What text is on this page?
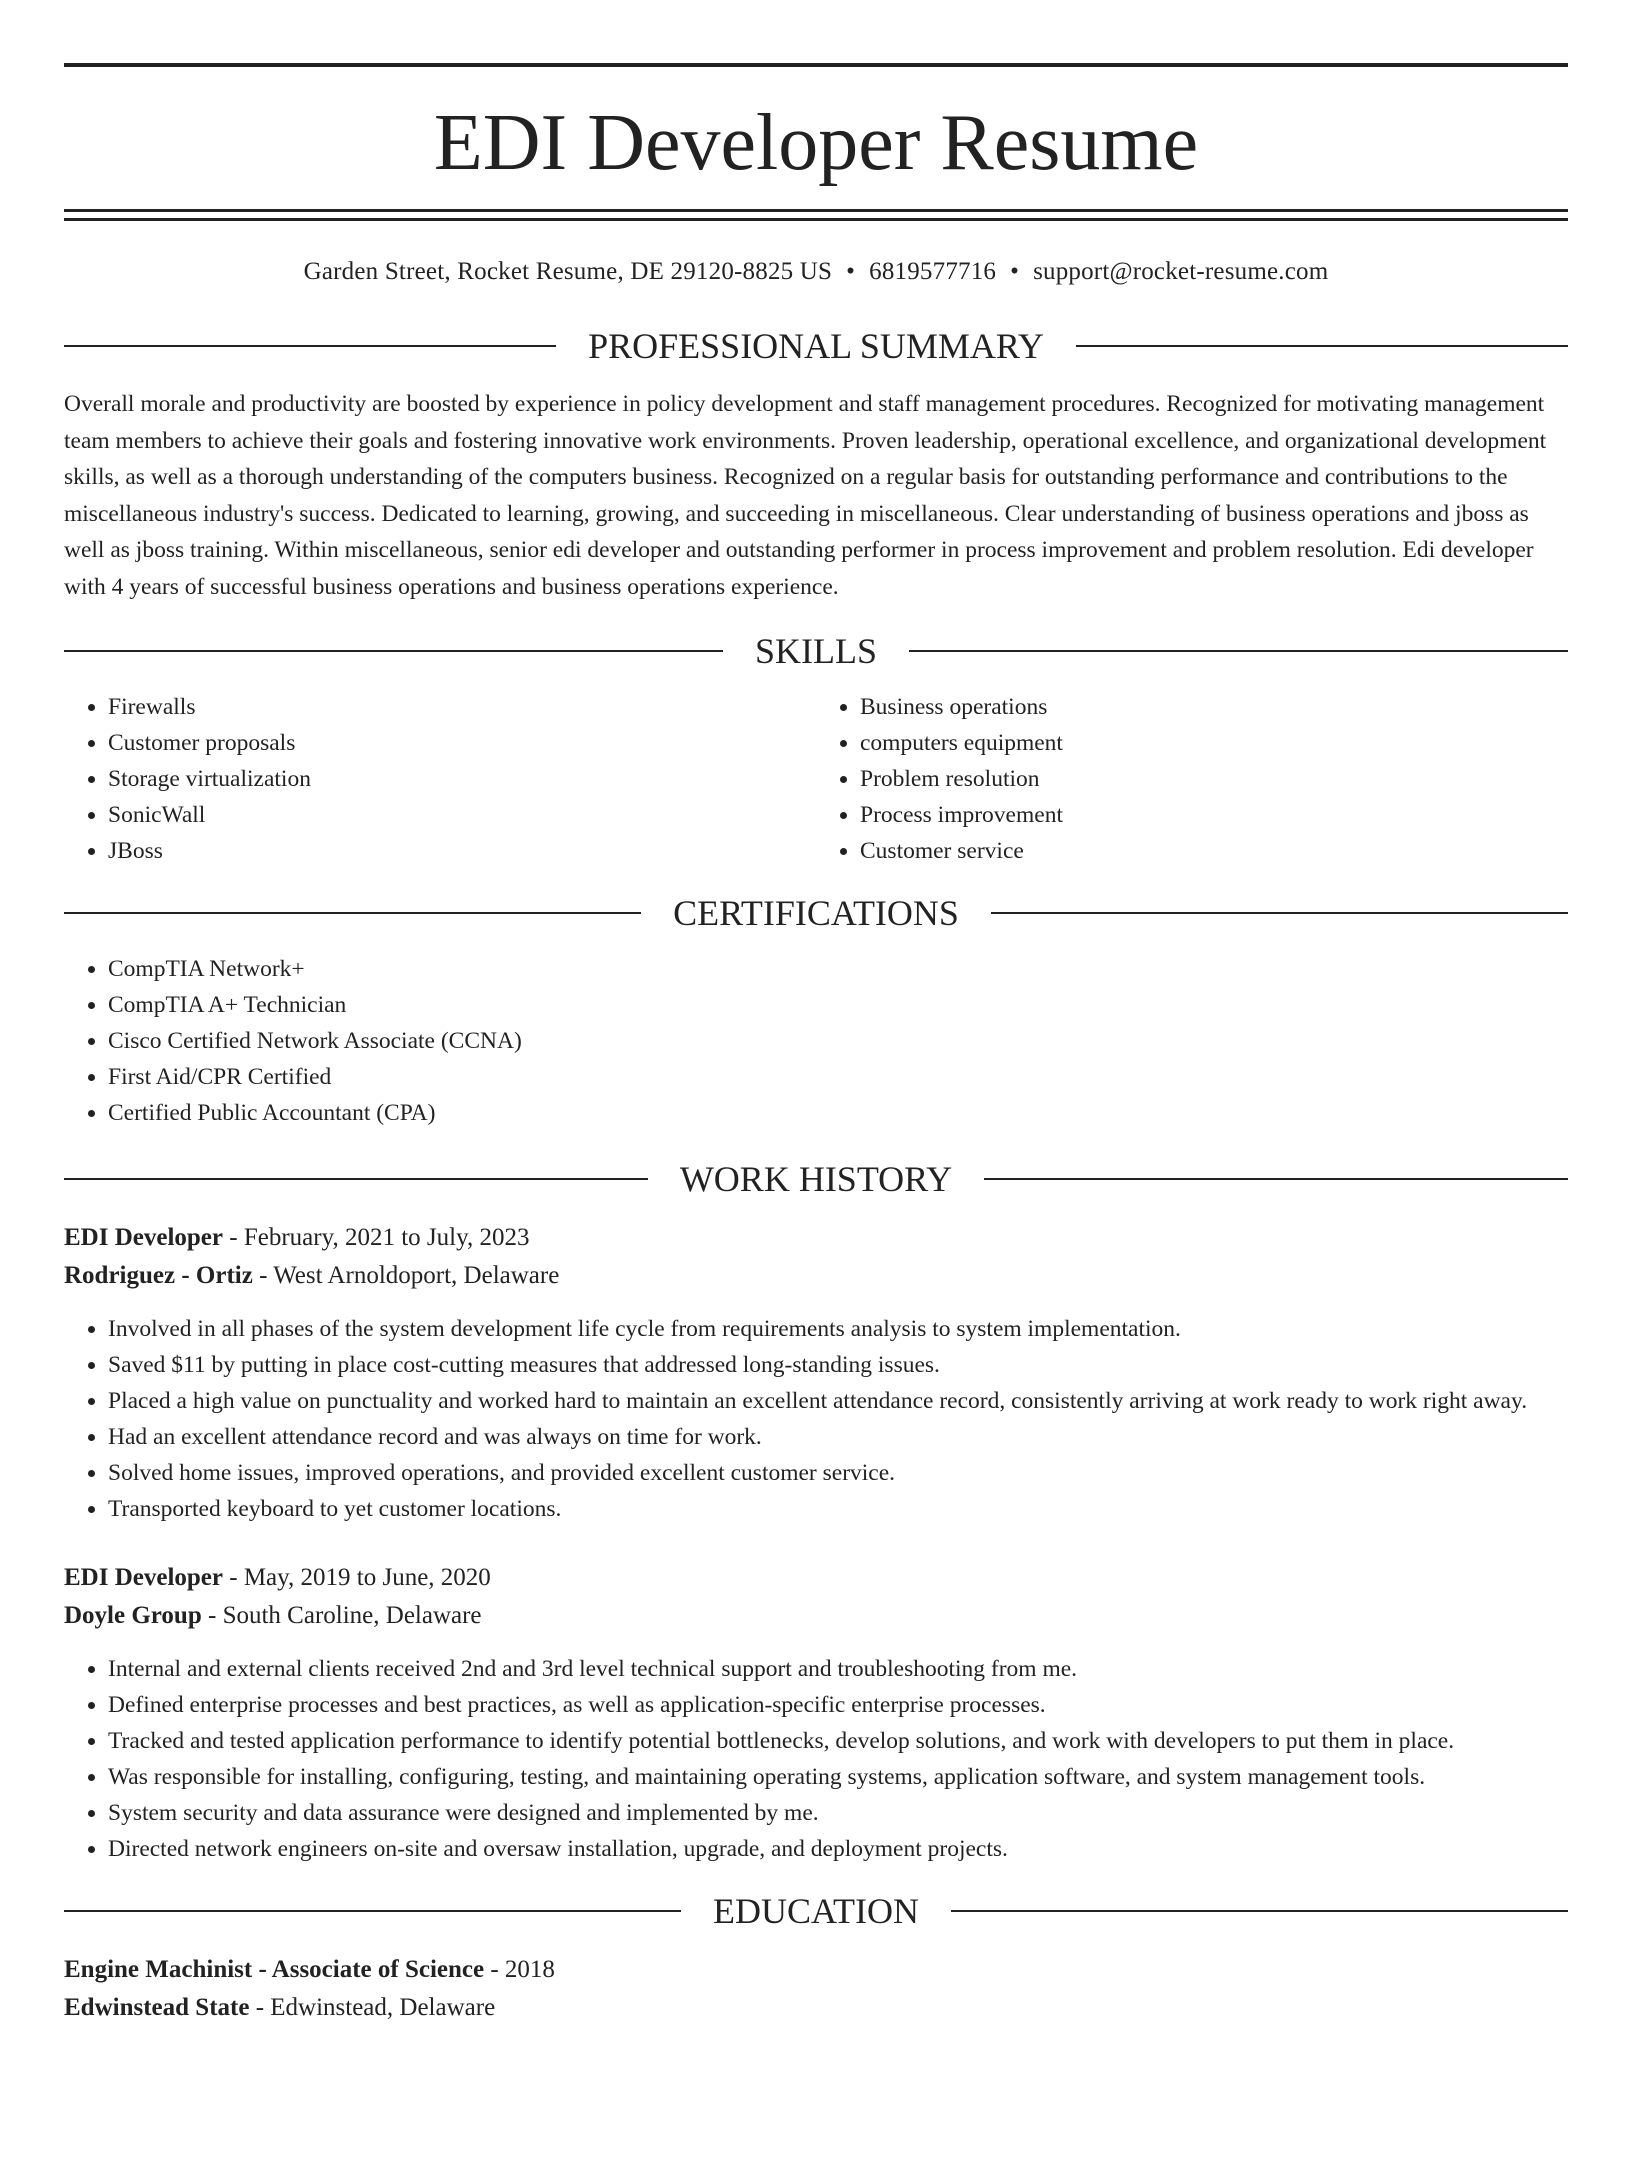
EDI Developer Resume
Garden Street, Rocket Resume, DE 29120-8825 US • 6819577716 • support@rocket-resume.com
PROFESSIONAL SUMMARY

Overall morale and productivity are boosted by experience in policy development and staff management procedures. Recognized for motivating management team members to achieve their goals and fostering innovative work environments. Proven leadership, operational excellence, and organizational development skills, as well as a thorough understanding of the computers business. Recognized on a regular basis for outstanding performance and contributions to the miscellaneous industry's success. Dedicated to learning, growing, and succeeding in miscellaneous. Clear understanding of business operations and jboss as well as jboss training. Within miscellaneous, senior edi developer and outstanding performer in process improvement and problem resolution. Edi developer with 4 years of successful business operations and business operations experience.

SKILLS
• Firewalls
• Customer proposals
• Storage virtualization
• SonicWall
• JBoss
• Business operations
• computers equipment
• Problem resolution
• Process improvement
• Customer service
CERTIFICATIONS
• CompTIA Network+
• CompTIA A+ Technician
• Cisco Certified Network Associate (CCNA)
• First Aid/CPR Certified
• Certified Public Accountant (CPA)
WORK HISTORY
EDI Developer - February, 2021 to July, 2023
Rodriguez - Ortiz - West Arnoldoport, Delaware
• Involved in all phases of the system development life cycle from requirements analysis to system implementation.
• Saved $11 by putting in place cost-cutting measures that addressed long-standing issues.
• Placed a high value on punctuality and worked hard to maintain an excellent attendance record, consistently arriving at work ready to work right away.
• Had an excellent attendance record and was always on time for work.
• Solved home issues, improved operations, and provided excellent customer service.
• Transported keyboard to yet customer locations.
EDI Developer - May, 2019 to June, 2020
Doyle Group - South Caroline, Delaware
• Internal and external clients received 2nd and 3rd level technical support and troubleshooting from me.
• Defined enterprise processes and best practices, as well as application-specific enterprise processes.
• Tracked and tested application performance to identify potential bottlenecks, develop solutions, and work with developers to put them in place.
• Was responsible for installing, configuring, testing, and maintaining operating systems, application software, and system management tools.
• System security and data assurance were designed and implemented by me.
• Directed network engineers on-site and oversaw installation, upgrade, and deployment projects.
EDUCATION
Engine Machinist - Associate of Science - 2018
Edwinstead State - Edwinstead, Delaware
